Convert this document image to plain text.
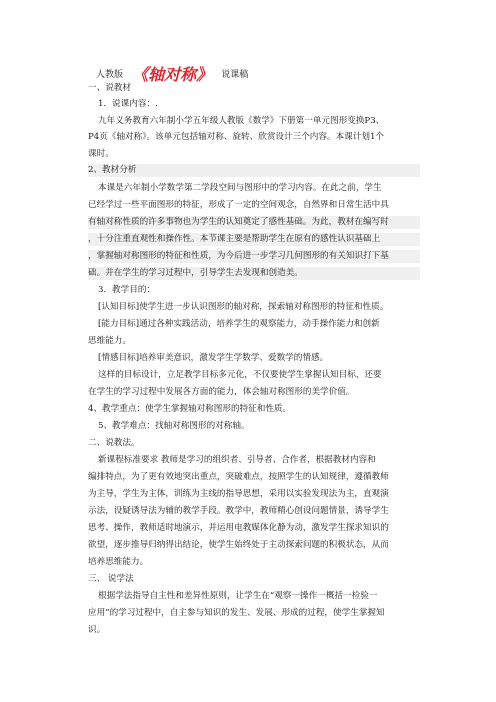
人教版 《轴对称》 说课稿
一、说教材
1．说课内容：.
九年义务教育六年制小学五年级人教版《数学》下册第一单元图形变换P3、
P4页《轴对称》。该单元包括轴对称、旋转、欣赏设计三个内容。本课计划1个
课时。
2、教材分析
本课是六年制小学数学第二学段空间与图形中的学习内容。在此之前，学生
已经学过一些平面图形的特征，形成了一定的空间观念，自然界和日常生活中具
有轴对称性质的许多事物也为学生的认知奠定了感性基础。为此，教材在编写时
，十分注重直观性和操作性。本节课主要是帮助学生在原有的感性认识基础上
，掌握轴对称图形的特征和性质，为今后进一步学习几何图形的有关知识打下基
础。并在学生的学习过程中，引导学生去发现和创造美。
3．教学目的：
[认知目标]使学生进一步认识图形的轴对称，探索轴对称图形的特征和性质。
[能力目标]通过各种实践活动，培养学生的观察能力，动手操作能力和创新
思维能力。
[情感目标]培养审美意识，激发学生学数学、爱数学的情感。
这样的目标设计，立足教学目标多元化，不仅要使学生掌握认知目标，还要
在学生的学习过程中发展各方面的能力，体会轴对称图形的美学价值。
4、教学重点：使学生掌握轴对称图形的特征和性质。
5、教学难点：找轴对称图形的对称轴。
二、说教法。
新课程标准要求 教师是学习的组织者、引导者、合作者，根据教材内容和
编排特点，为了更有效地突出重点，突破难点，按照学生的认知规律，遵循教师
为主导，学生为主体，训练为主线的指导思想，采用以实验发现法为主，直观演
示法，设疑诱导法为辅的教学手段。教学中，教师精心创设问题情景，诱导学生
思考、操作，教师适时地演示，并运用电教媒体化静为动，激发学生探求知识的
欲望，逐步推导归纳得出结论，使学生始终处于主动探索问题的积极状态，从而
培养思维能力。
三、 说学法
根据学法指导自主性和差异性原则，让学生在“观察一操作一概括一检验一
应用”的学习过程中，自主参与知识的发生、发展、形成的过程，使学生掌握知
识。
